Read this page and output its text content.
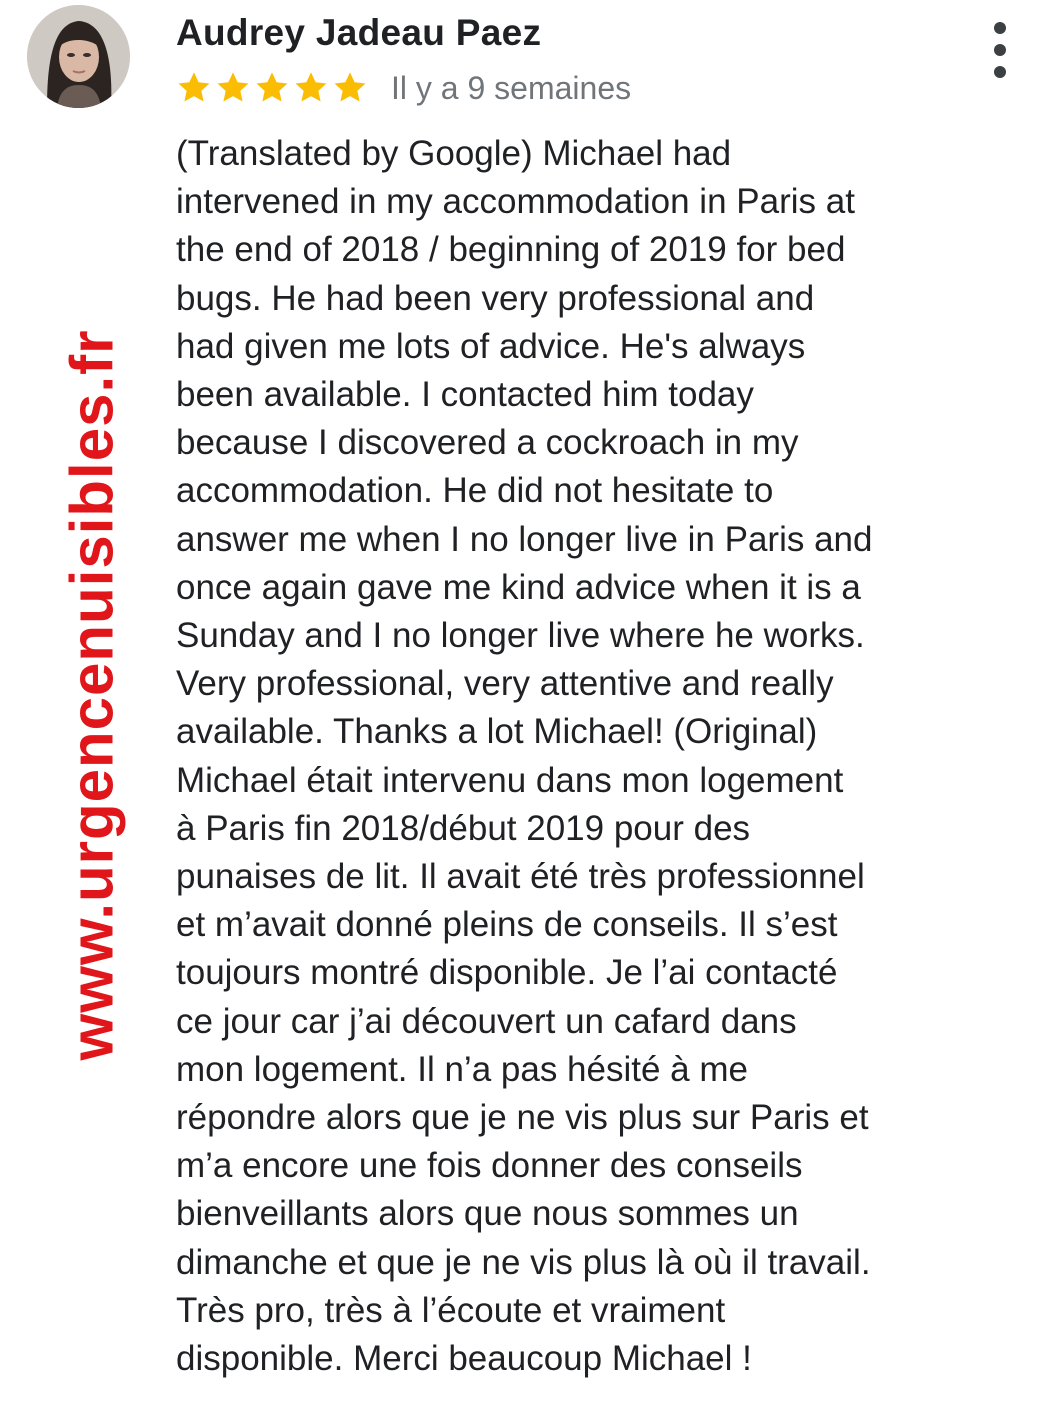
Audrey Jadeau Paez
Il y a 9 semaines
www.urgencenuisibles.fr
(Translated by Google) Michael had
intervened in my accommodation in Paris at
the end of 2018 / beginning of 2019 for bed
bugs. He had been very professional and
had given me lots of advice. He's always
been available. I contacted him today
because I discovered a cockroach in my
accommodation. He did not hesitate to
answer me when I no longer live in Paris and
once again gave me kind advice when it is a
Sunday and I no longer live where he works.
Very professional, very attentive and really
available. Thanks a lot Michael! (Original)
Michael était intervenu dans mon logement
à Paris fin 2018/début 2019 pour des
punaises de lit. Il avait été très professionnel
et m’avait donné pleins de conseils. Il s’est
toujours montré disponible. Je l’ai contacté
ce jour car j’ai découvert un cafard dans
mon logement. Il n’a pas hésité à me
répondre alors que je ne vis plus sur Paris et
m’a encore une fois donner des conseils
bienveillants alors que nous sommes un
dimanche et que je ne vis plus là où il travail.
Très pro, très à l’écoute et vraiment
disponible. Merci beaucoup Michael !
